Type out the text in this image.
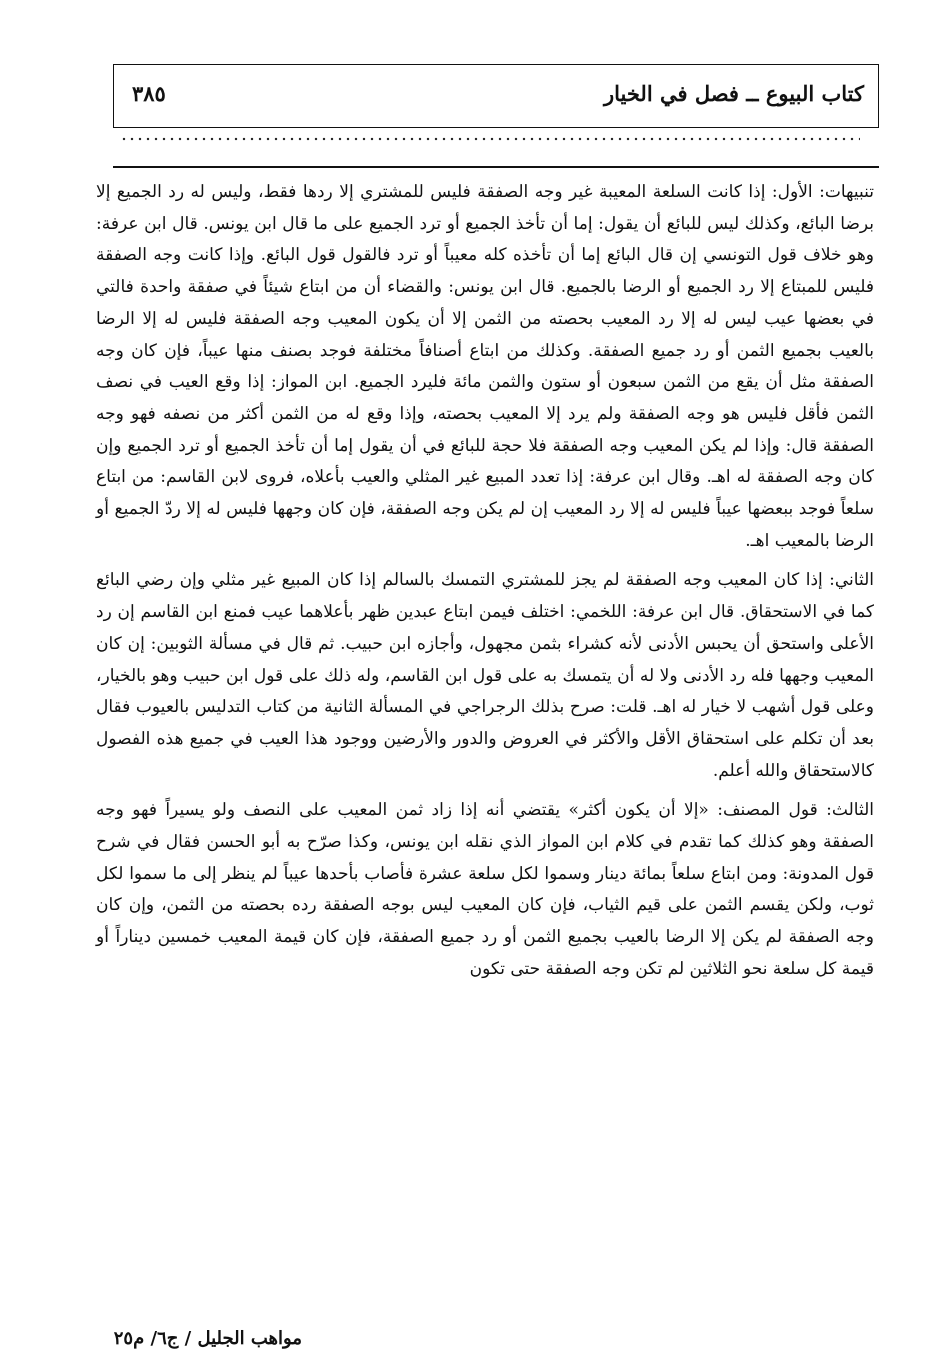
كتاب البيوع ــ فصل في الخيار
٣٨٥

تنبيهات: الأول: إذا كانت السلعة المعيبة غير وجه الصفقة فليس للمشتري إلا ردها فقط، وليس له رد الجميع إلا برضا البائع، وكذلك ليس للبائع أن يقول: إما أن تأخذ الجميع أو ترد الجميع على ما قال ابن يونس. قال ابن عرفة: وهو خلاف قول التونسي إن قال البائع إما أن تأخذه كله معيباً أو ترد فالقول قول البائع. وإذا كانت وجه الصفقة فليس للمبتاع إلا رد الجميع أو الرضا بالجميع. قال ابن يونس: والقضاء أن من ابتاع شيئاً في صفقة واحدة فالتي في بعضها عيب ليس له إلا رد المعيب بحصته من الثمن إلا أن يكون المعيب وجه الصفقة فليس له إلا الرضا بالعيب بجميع الثمن أو رد جميع الصفقة. وكذلك من ابتاع أصنافاً مختلفة فوجد بصنف منها عيباً، فإن كان وجه الصفقة مثل أن يقع من الثمن سبعون أو ستون والثمن مائة فليرد الجميع. ابن المواز: إذا وقع العيب في نصف الثمن فأقل فليس هو وجه الصفقة ولم يرد إلا المعيب بحصته، وإذا وقع له من الثمن أكثر من نصفه فهو وجه الصفقة قال: وإذا لم يكن المعيب وجه الصفقة فلا حجة للبائع في أن يقول إما أن تأخذ الجميع أو ترد الجميع وإن كان وجه الصفقة له اهـ. وقال ابن عرفة: إذا تعدد المبيع غير المثلي والعيب بأعلاه، فروى لابن القاسم: من ابتاع سلعاً فوجد ببعضها عيباً فليس له إلا رد المعيب إن لم يكن وجه الصفقة، فإن كان وجهها فليس له إلا ردّ الجميع أو الرضا بالمعيب اهـ.

الثاني: إذا كان المعيب وجه الصفقة لم يجز للمشتري التمسك بالسالم إذا كان المبيع غير مثلي وإن رضي البائع كما في الاستحقاق. قال ابن عرفة: اللخمي: اختلف فيمن ابتاع عبدين ظهر بأعلاهما عيب فمنع ابن القاسم إن رد الأعلى واستحق أن يحبس الأدنى لأنه كشراء بثمن مجهول، وأجازه ابن حبيب. ثم قال في مسألة الثوبين: إن كان المعيب وجهها فله رد الأدنى ولا له أن يتمسك به على قول ابن القاسم، وله ذلك على قول ابن حبيب وهو بالخيار، وعلى قول أشهب لا خيار له اهـ. قلت: صرح بذلك الرجراجي في المسألة الثانية من كتاب التدليس بالعيوب فقال بعد أن تكلم على استحقاق الأقل والأكثر في العروض والدور والأرضين ووجود هذا العيب في جميع هذه الفصول كالاستحقاق والله أعلم.

الثالث: قول المصنف: «إلا أن يكون أكثر» يقتضي أنه إذا زاد ثمن المعيب على النصف ولو يسيراً فهو وجه الصفقة وهو كذلك كما تقدم في كلام ابن المواز الذي نقله ابن يونس، وكذا صرّح به أبو الحسن فقال في شرح قول المدونة: ومن ابتاع سلعاً بمائة دينار وسموا لكل سلعة عشرة فأصاب بأحدها عيباً لم ينظر إلى ما سموا لكل ثوب، ولكن يقسم الثمن على قيم الثياب، فإن كان المعيب ليس بوجه الصفقة رده بحصته من الثمن، وإن كان وجه الصفقة لم يكن إلا الرضا بالعيب بجميع الثمن أو رد جميع الصفقة، فإن كان قيمة المعيب خمسين ديناراً أو قيمة كل سلعة نحو الثلاثين لم تكن وجه الصفقة حتى تكون

مواهب الجليل / ج٦/ م٢٥
